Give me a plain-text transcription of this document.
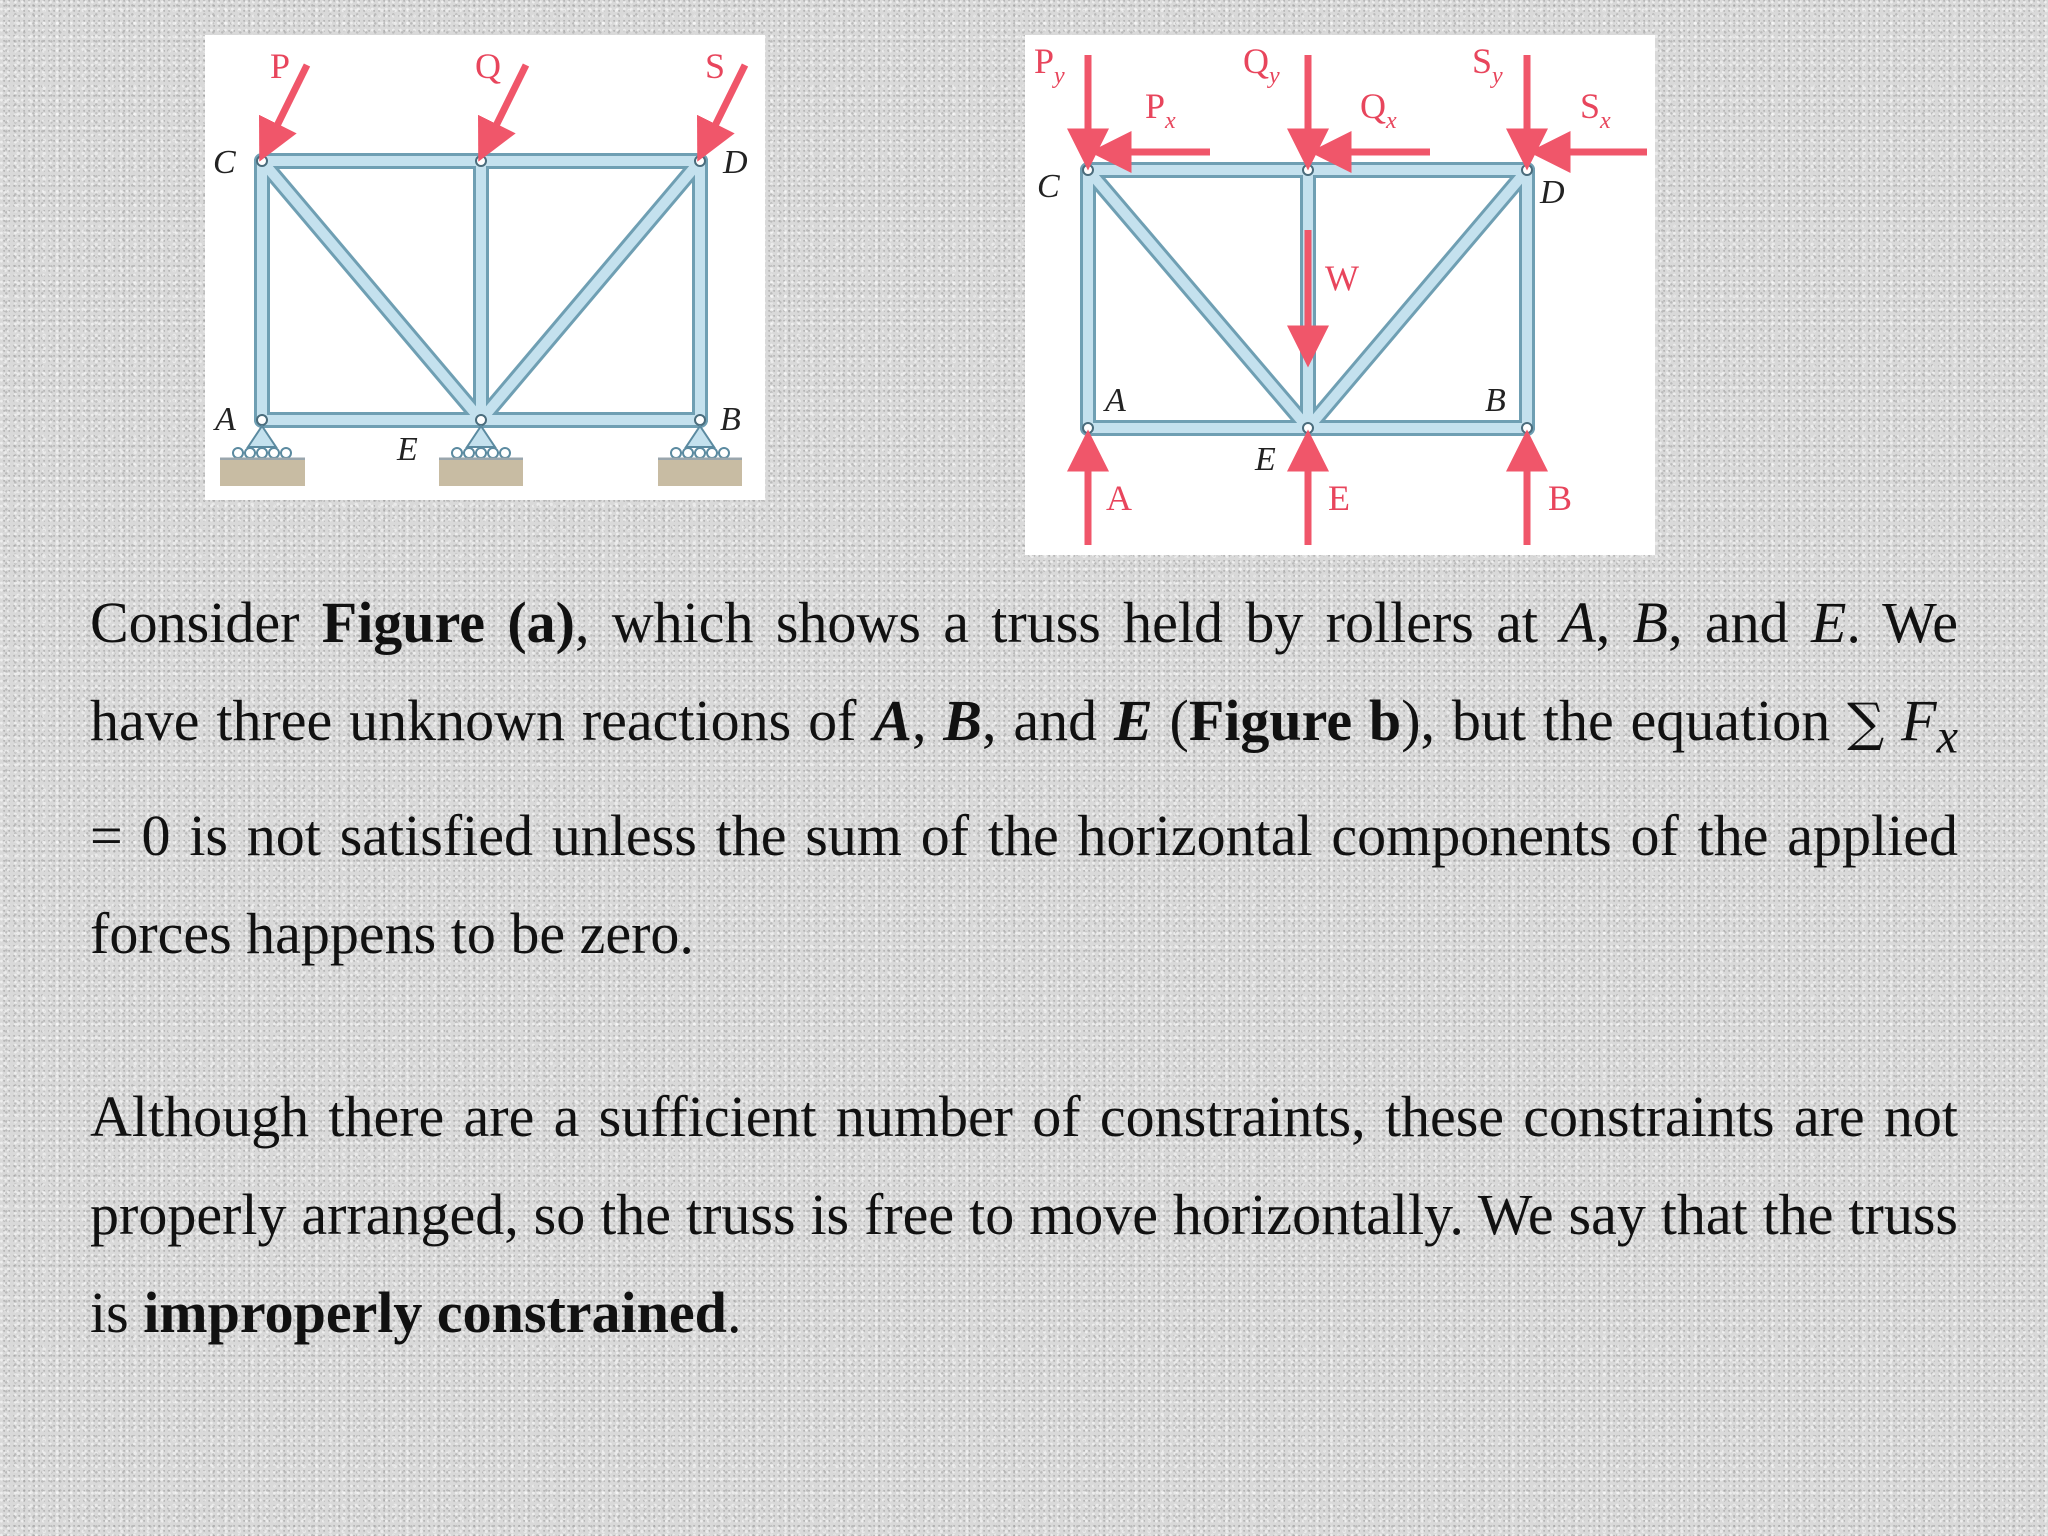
P	Q	S
C	D
A	B
E
$P_y$	$Q_y$	$S_y$
$P_x$	$Q_x$	$S_x$
W
A	E	B
C	D
A	B
E
Consider Figure (a), which shows a truss held by rollers at A, B, and E. We have three unknown reactions of A, B, and E (Figure b), but the equation ∑ $F_x = 0$ is not satisfied unless the sum of the horizontal components of the applied forces happens to be zero.
Although there are a sufficient number of constraints, these constraints are not properly arranged, so the truss is free to move horizontally. We say that the truss is improperly constrained.
